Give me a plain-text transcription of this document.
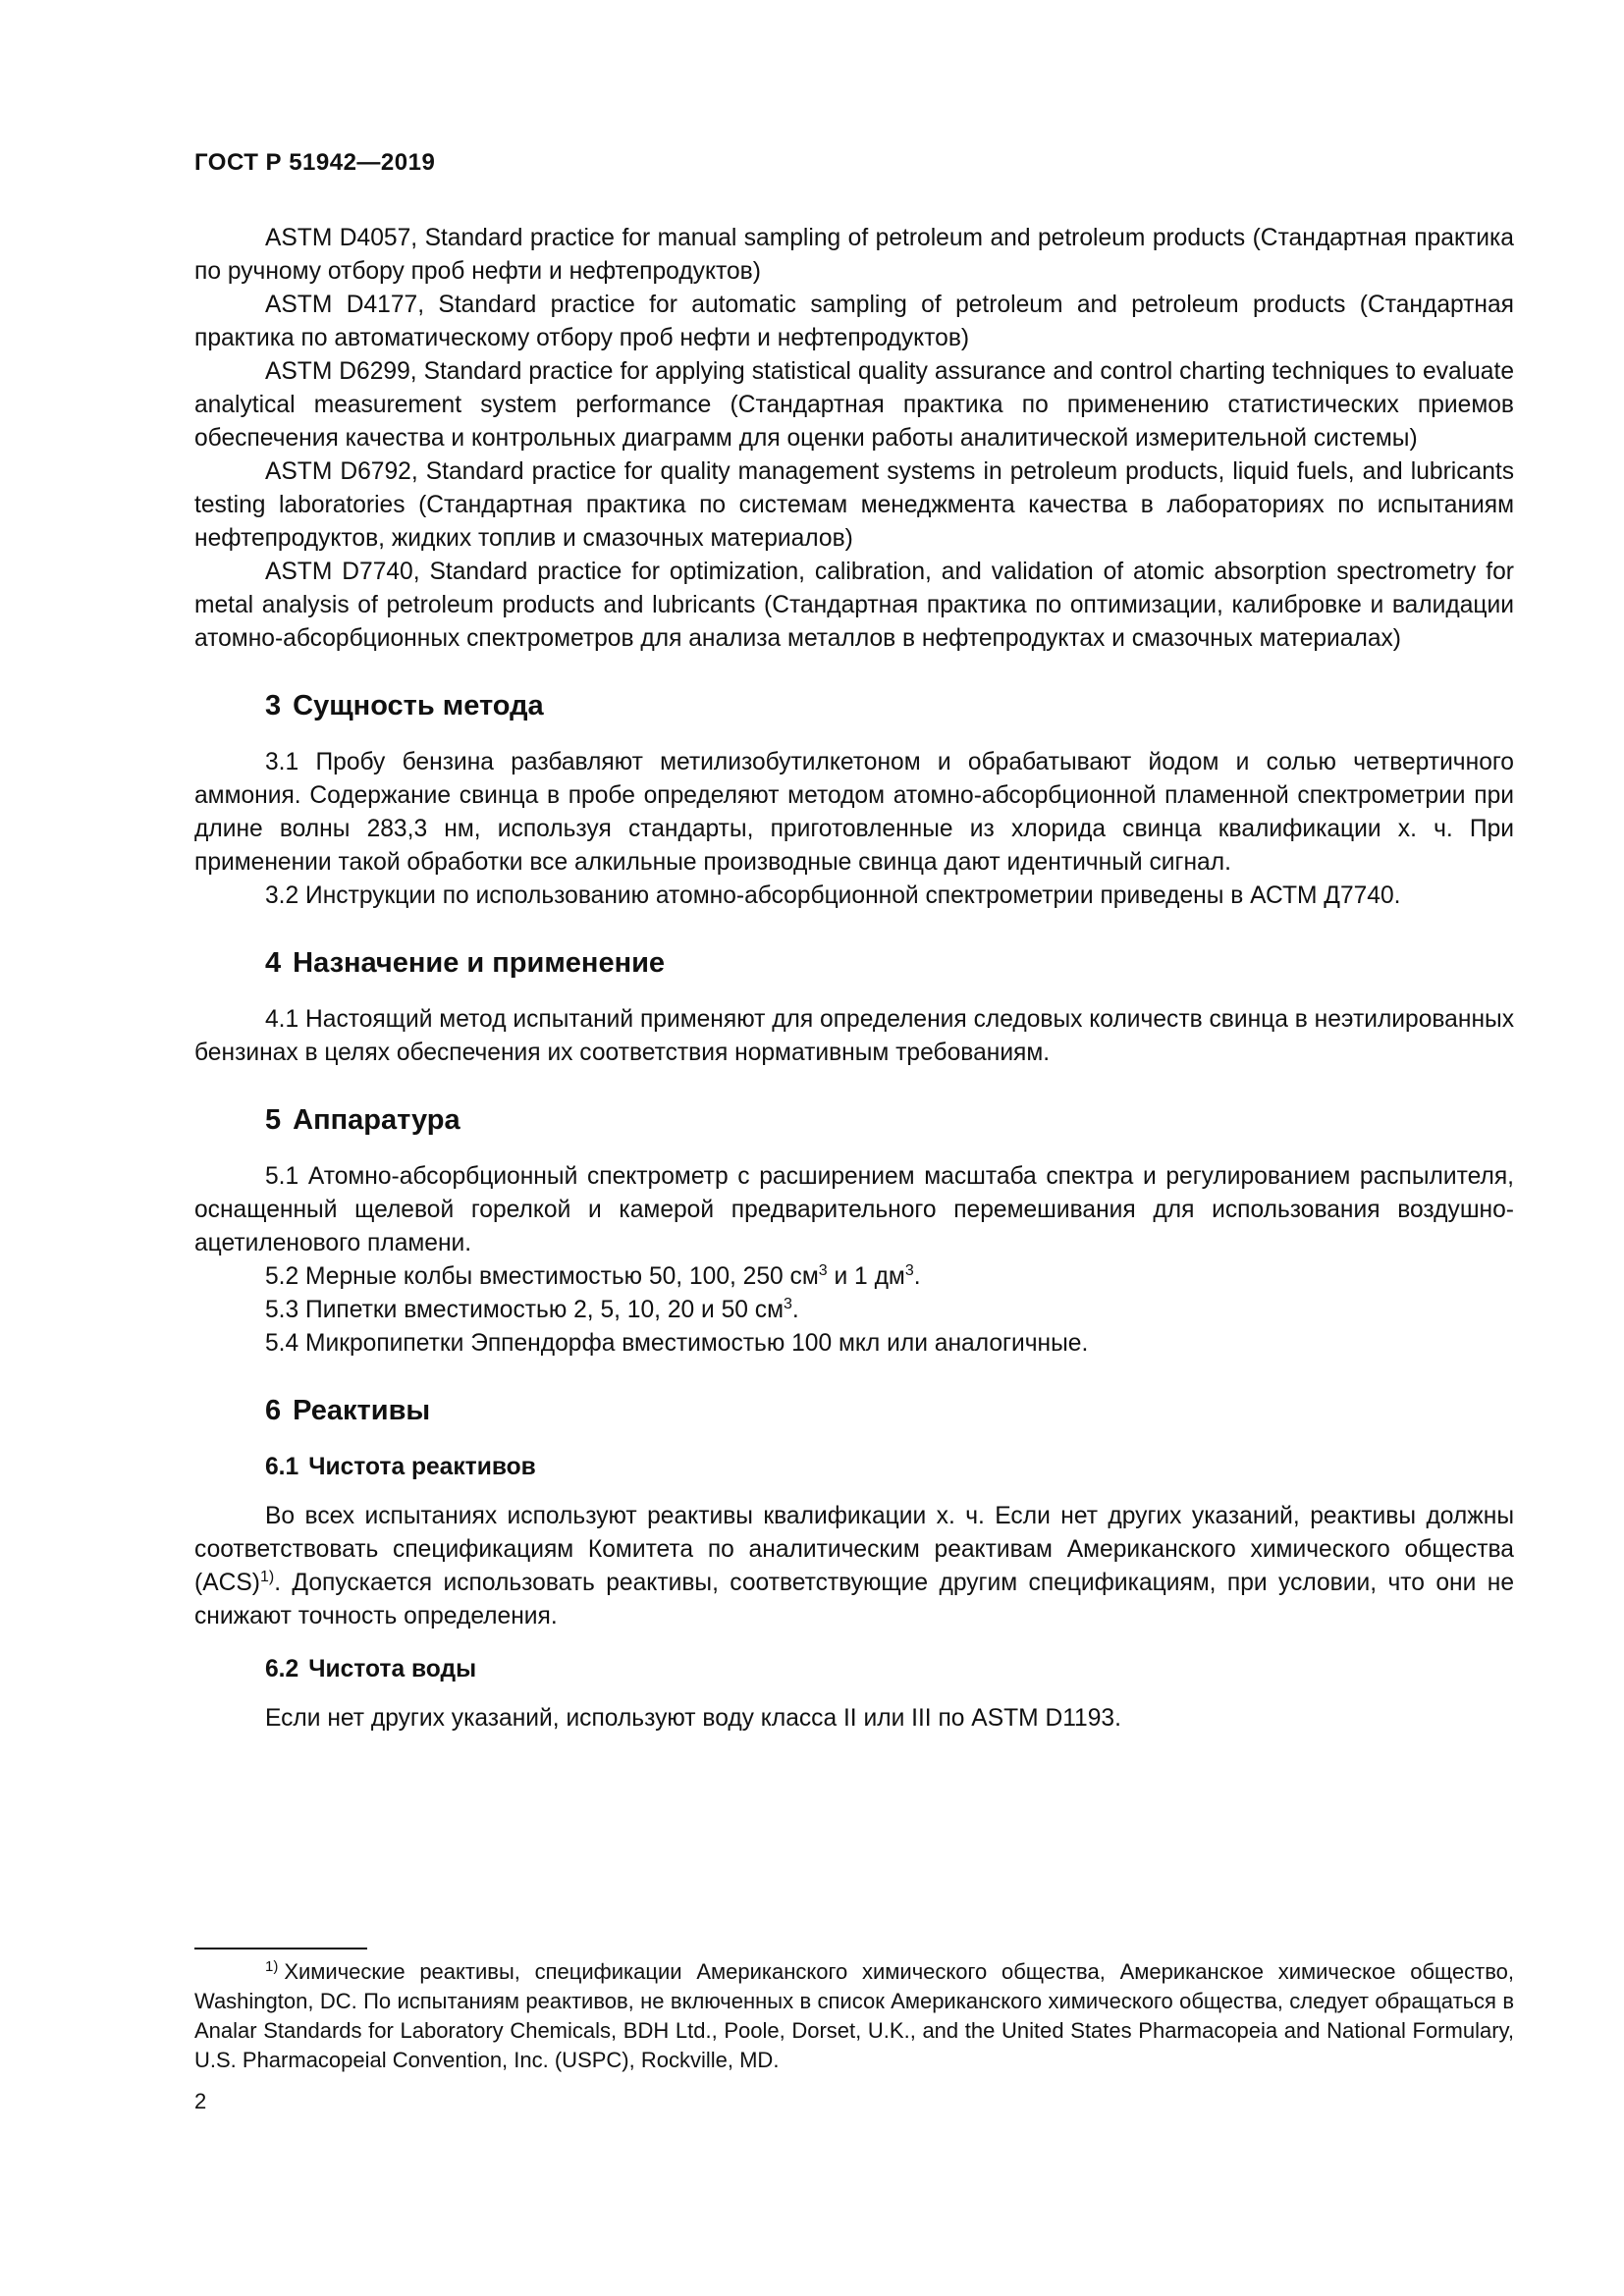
ГОСТ Р 51942—2019

ASTM D4057, Standard practice for manual sampling of petroleum and petroleum products (Стандартная практика по ручному отбору проб нефти и нефтепродуктов)

ASTM D4177, Standard practice for automatic sampling of petroleum and petroleum products (Стандартная практика по автоматическому отбору проб нефти и нефтепродуктов)

ASTM D6299, Standard practice for applying statistical quality assurance and control charting techniques to evaluate analytical measurement system performance (Стандартная практика по применению статистических приемов обеспечения качества и контрольных диаграмм для оценки работы аналитической измерительной системы)

ASTM D6792, Standard practice for quality management systems in petroleum products, liquid fuels, and lubricants testing laboratories (Стандартная практика по системам менеджмента качества в лабораториях по испытаниям нефтепродуктов, жидких топлив и смазочных материалов)

ASTM D7740, Standard practice for optimization, calibration, and validation of atomic absorption spectrometry for metal analysis of petroleum products and lubricants (Стандартная практика по оптимизации, калибровке и валидации атомно-абсорбционных спектрометров для анализа металлов в нефтепродуктах и смазочных материалах)

3 Сущность метода

3.1 Пробу бензина разбавляют метилизобутилкетоном и обрабатывают йодом и солью четвертичного аммония. Содержание свинца в пробе определяют методом атомно-абсорбционной пламенной спектрометрии при длине волны 283,3 нм, используя стандарты, приготовленные из хлорида свинца квалификации х. ч. При применении такой обработки все алкильные производные свинца дают идентичный сигнал.

3.2 Инструкции по использованию атомно-абсорбционной спектрометрии приведены в АСТМ Д7740.

4 Назначение и применение

4.1 Настоящий метод испытаний применяют для определения следовых количеств свинца в неэтилированных бензинах в целях обеспечения их соответствия нормативным требованиям.

5 Аппаратура

5.1 Атомно-абсорбционный спектрометр с расширением масштаба спектра и регулированием распылителя, оснащенный щелевой горелкой и камерой предварительного перемешивания для использования воздушно-ацетиленового пламени.

5.2 Мерные колбы вместимостью 50, 100, 250 $см^3$ и 1 $дм^3$.

5.3 Пипетки вместимостью 2, 5, 10, 20 и 50 $см^3$.

5.4 Микропипетки Эппендорфа вместимостью 100 мкл или аналогичные.

6 Реактивы
6.1 Чистота реактивов

Во всех испытаниях используют реактивы квалификации х. ч. Если нет других указаний, реактивы должны соответствовать спецификациям Комитета по аналитическим реактивам Американского химического общества (ACS)$^{1)}$. Допускается использовать реактивы, соответствующие другим спецификациям, при условии, что они не снижают точность определения.

6.2 Чистота воды

Если нет других указаний, используют воду класса II или III по ASTM D1193.

$^{1)}$ Химические реактивы, спецификации Американского химического общества, Американское химическое общество, Washington, DC. По испытаниям реактивов, не включенных в список Американского химического общества, следует обращаться в Analar Standards for Laboratory Chemicals, BDH Ltd., Poole, Dorset, U.K., and the United States Pharmacopeia and National Formulary, U.S. Pharmacopeial Convention, Inc. (USPC), Rockville, MD.
2
